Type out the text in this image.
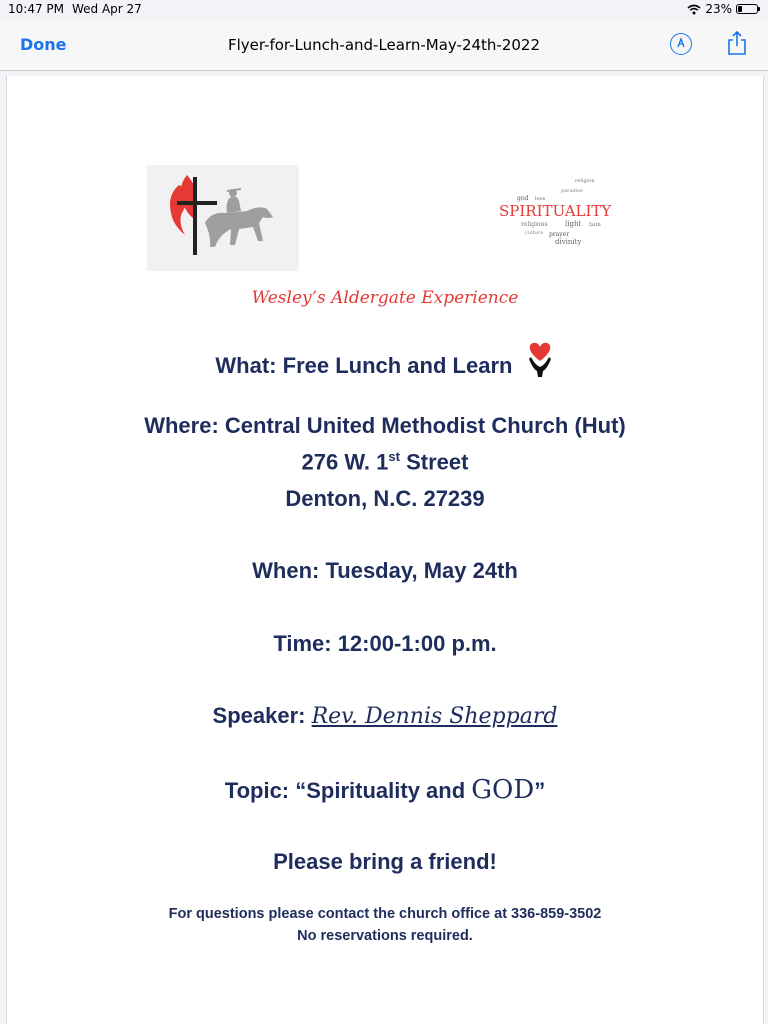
10:47 PM Wed Apr 27	23%
Done	Flyer-for-Lunch-and-Learn-May-24th-2022
religion
god love
paradise
SPIRITUALITY
light faith
religions
culture prayer
divinity
Wesley’s Aldergate Experience
What: Free Lunch and Learn
Where: Central United Methodist Church (Hut)
276 W. 1st Street
Denton, N.C. 27239
When: Tuesday, May 24th
Time: 12:00-1:00 p.m.
Speaker: Rev. Dennis Sheppard
Topic: “Spirituality and GOD”
Please bring a friend!
For questions please contact the church office at 336-859-3502
No reservations required.
